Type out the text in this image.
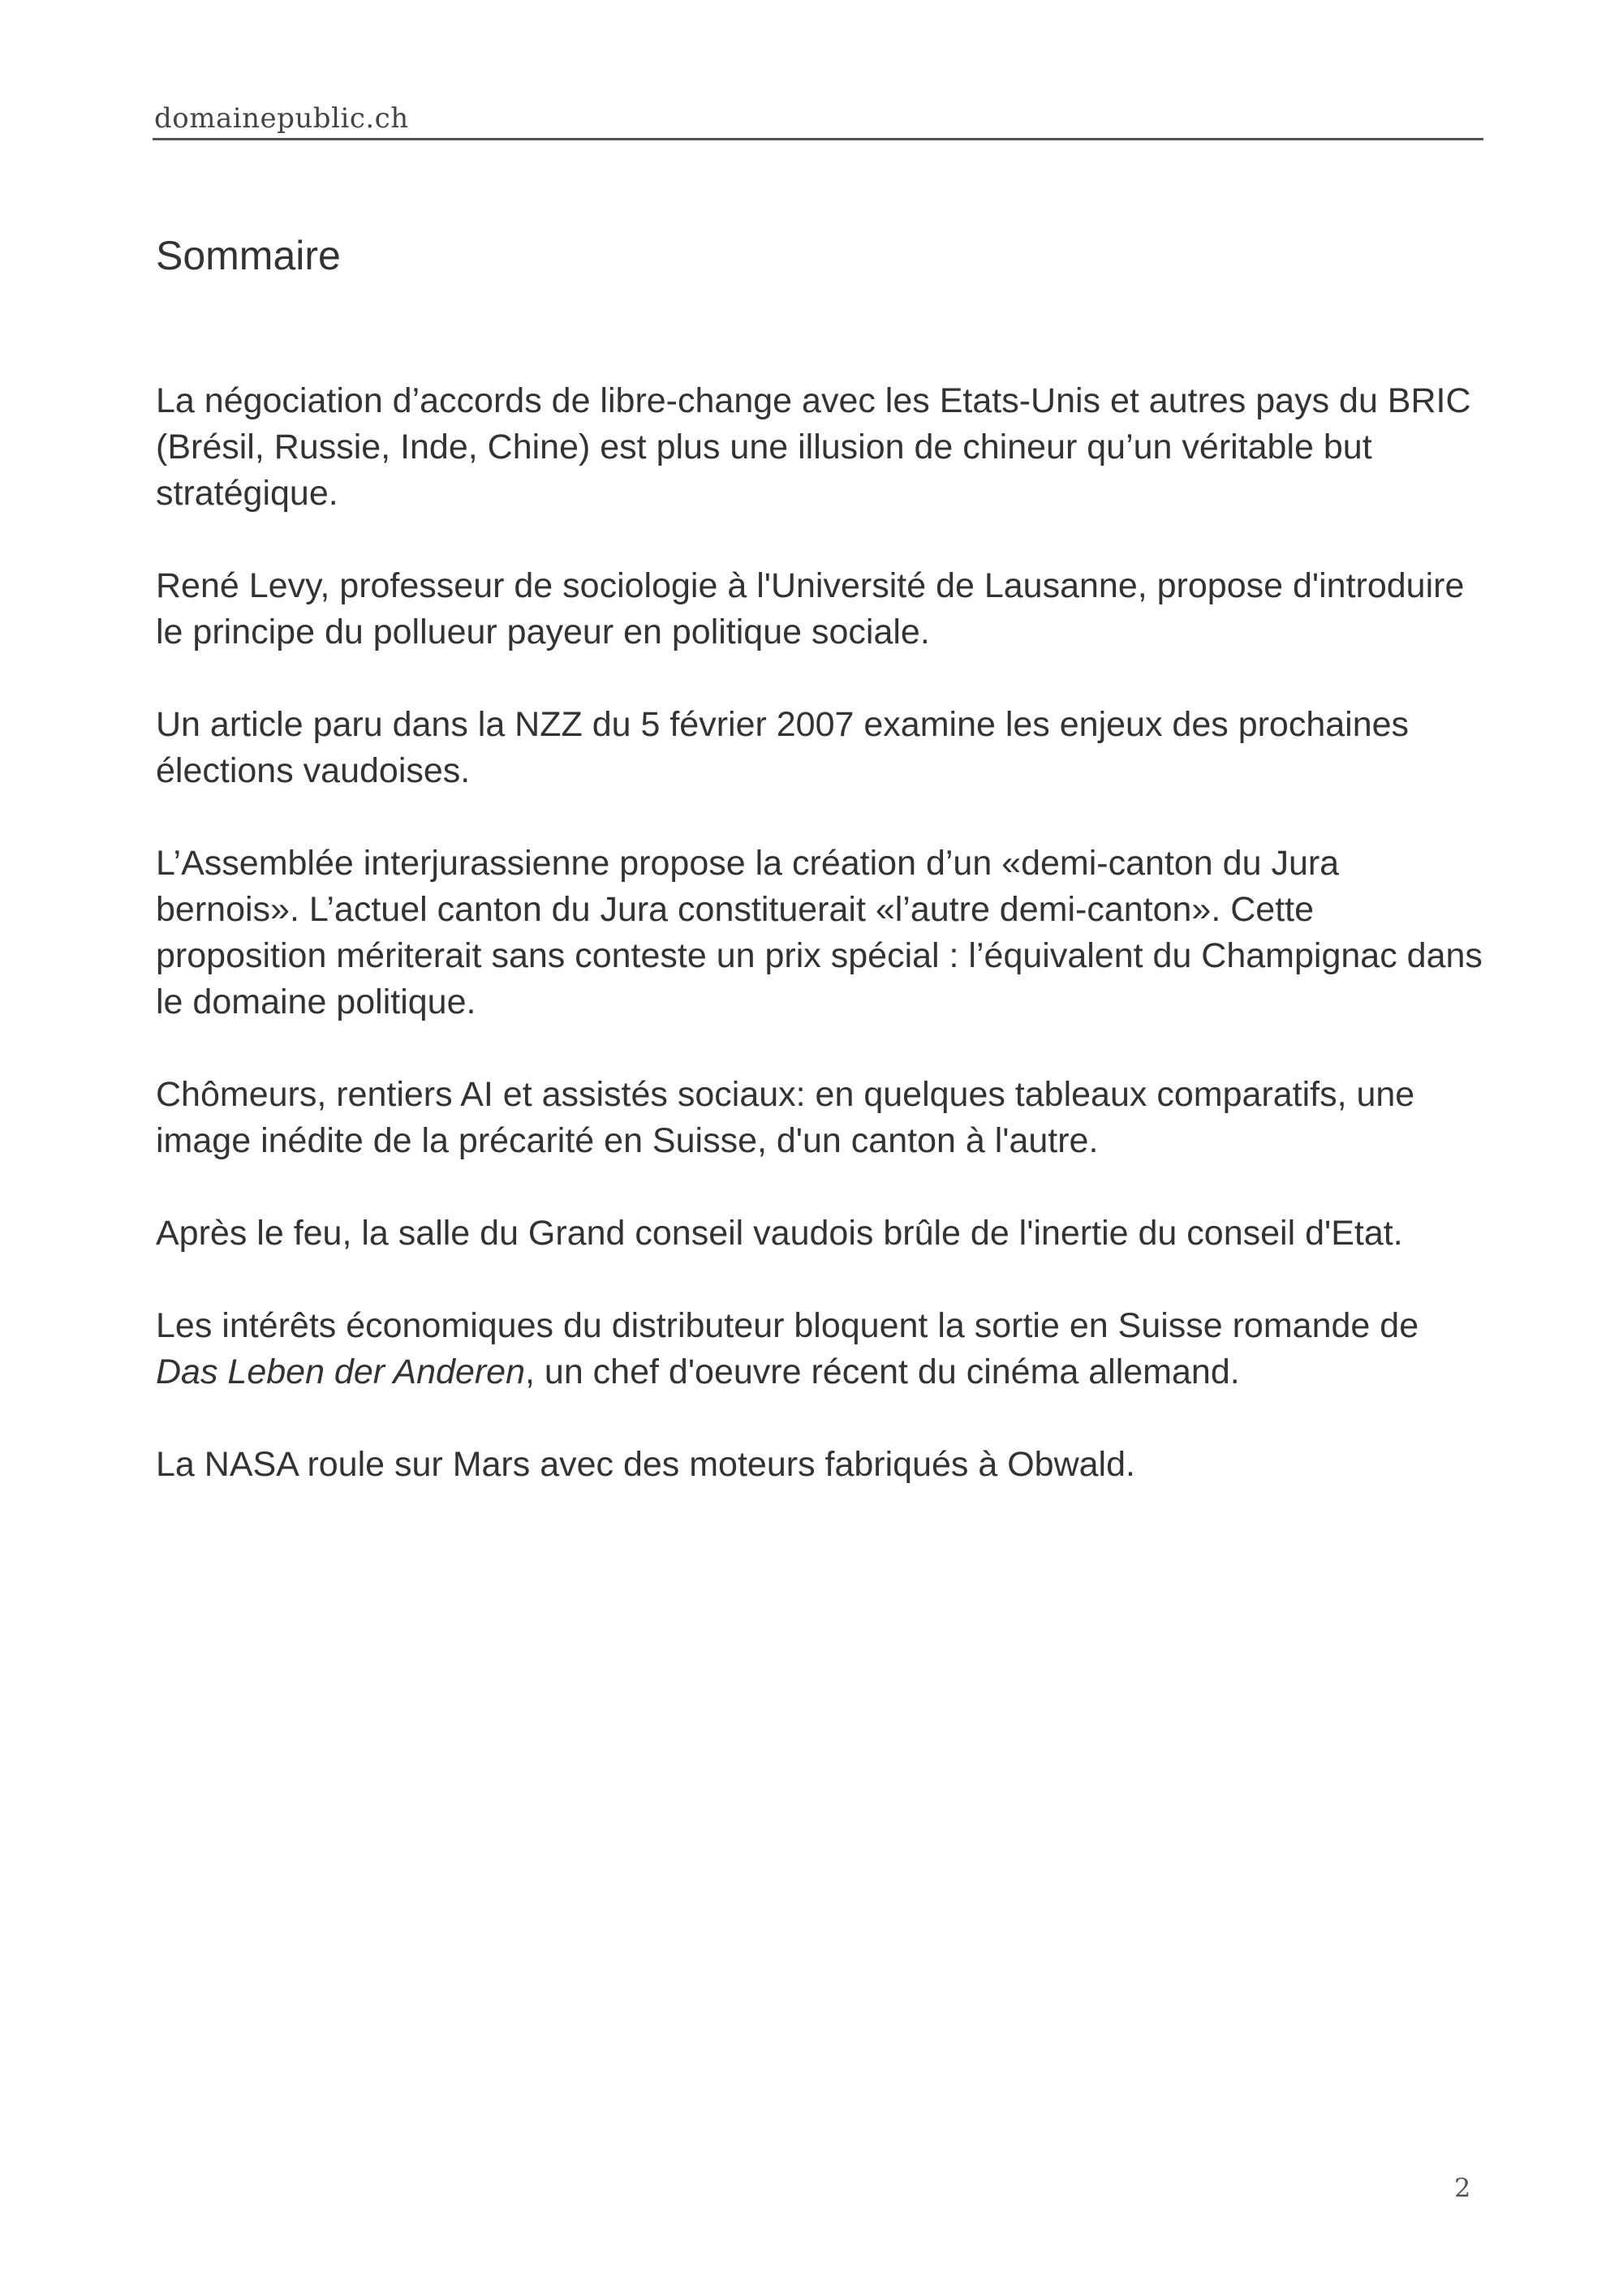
domainepublic.ch
Sommaire
La négociation d’accords de libre-change avec les Etats-Unis et autres pays du BRIC (Brésil, Russie, Inde, Chine) est plus une illusion de chineur qu’un véritable but stratégique.
René Levy, professeur de sociologie à l'Université de Lausanne, propose d'introduire le principe du pollueur payeur en politique sociale.
Un article paru dans la NZZ du 5 février 2007 examine les enjeux des prochaines élections vaudoises.
L’Assemblée interjurassienne propose la création d’un «demi-canton du Jura bernois». L’actuel canton du Jura constituerait «l’autre demi-canton». Cette proposition mériterait sans conteste un prix spécial : l’équivalent du Champignac dans le domaine politique.
Chômeurs, rentiers AI et assistés sociaux: en quelques tableaux comparatifs, une image inédite de la précarité en Suisse, d'un canton à l'autre.
Après le feu, la salle du Grand conseil vaudois brûle de l'inertie du conseil d'Etat.
Les intérêts économiques du distributeur bloquent la sortie en Suisse romande de Das Leben der Anderen, un chef d'oeuvre récent du cinéma allemand.
La NASA roule sur Mars avec des moteurs fabriqués à Obwald.
2
